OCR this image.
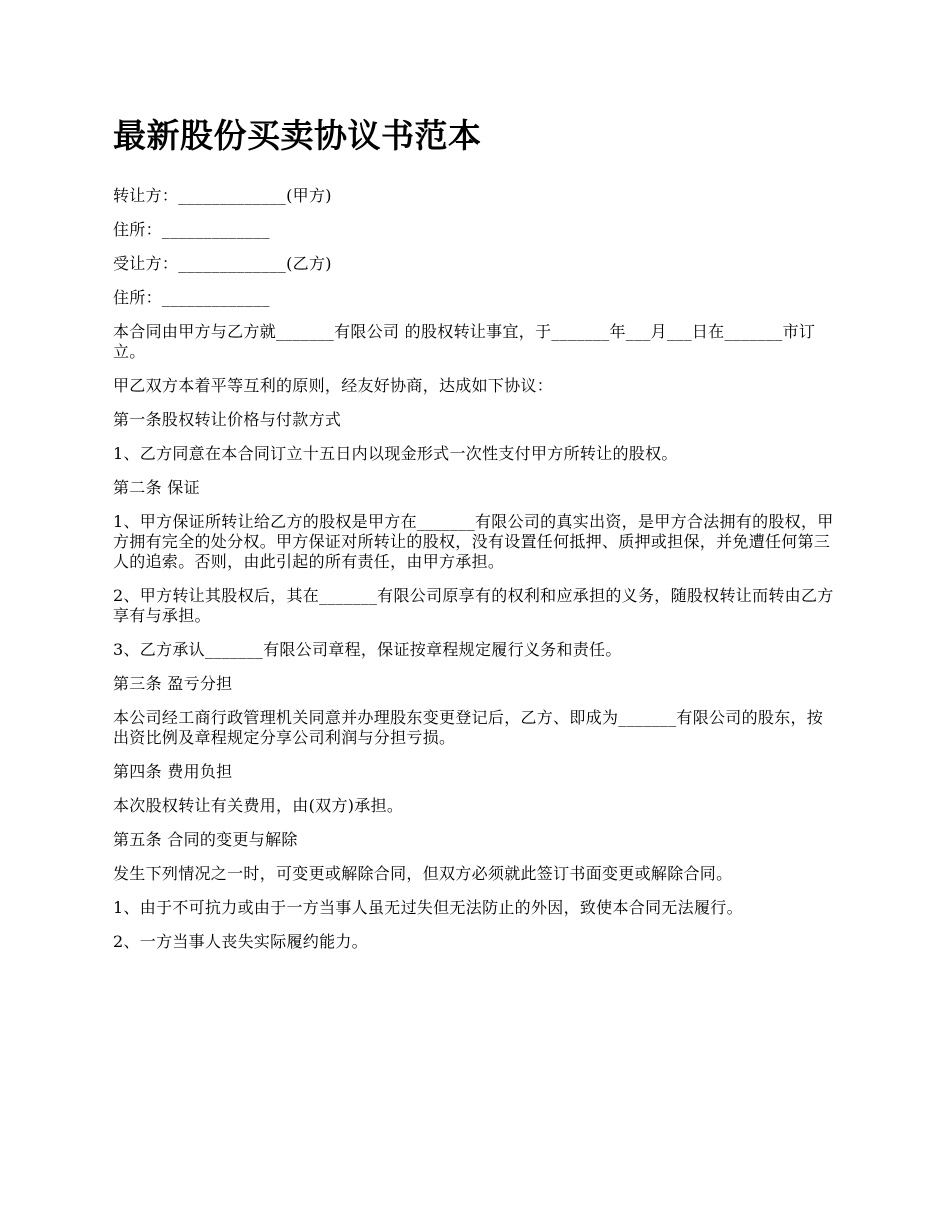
最新股份买卖协议书范本

转让方：_____________(甲方)

住所：_____________

受让方：_____________(乙方)

住所：_____________

本合同由甲方与乙方就_______有限公司 的股权转让事宜，于_______年___月___日在_______市订立。

甲乙双方本着平等互利的原则，经友好协商，达成如下协议：

第一条股权转让价格与付款方式

1、乙方同意在本合同订立十五日内以现金形式一次性支付甲方所转让的股权。

第二条 保证

1、甲方保证所转让给乙方的股权是甲方在_______有限公司的真实出资，是甲方合法拥有的股权，甲方拥有完全的处分权。甲方保证对所转让的股权，没有设置任何抵押、质押或担保，并免遭任何第三人的追索。否则，由此引起的所有责任，由甲方承担。

2、甲方转让其股权后，其在_______有限公司原享有的权利和应承担的义务，随股权转让而转由乙方享有与承担。

3、乙方承认_______有限公司章程，保证按章程规定履行义务和责任。

第三条 盈亏分担

本公司经工商行政管理机关同意并办理股东变更登记后，乙方、即成为_______有限公司的股东，按出资比例及章程规定分享公司利润与分担亏损。

第四条 费用负担

本次股权转让有关费用，由(双方)承担。

第五条 合同的变更与解除

发生下列情况之一时，可变更或解除合同，但双方必须就此签订书面变更或解除合同。

1、由于不可抗力或由于一方当事人虽无过失但无法防止的外因，致使本合同无法履行。

2、一方当事人丧失实际履约能力。
